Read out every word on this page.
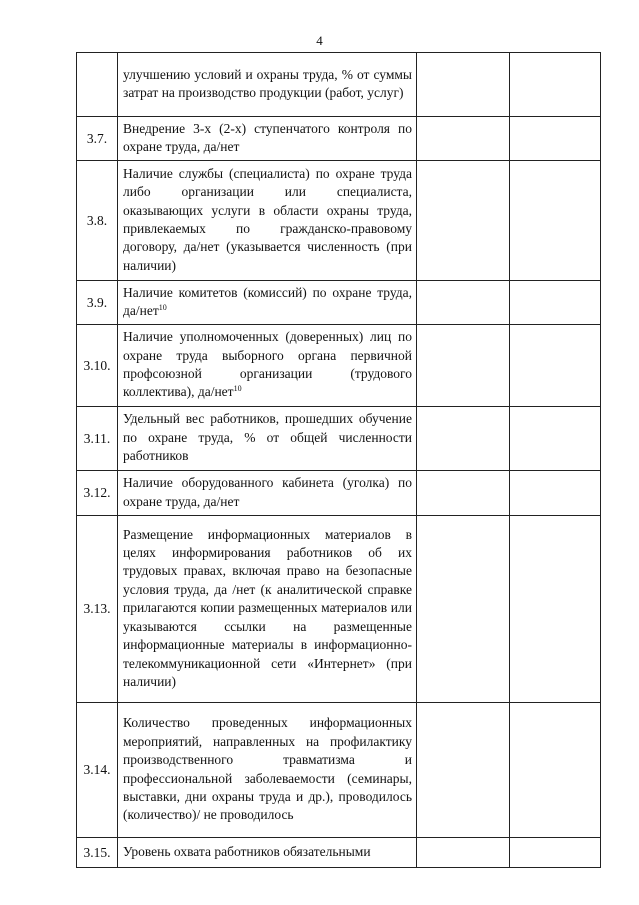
4
	улучшению условий и охраны труда, % от суммы затрат на производство продукции (работ, услуг)		
3.7.	Внедрение 3-х (2-х) ступенчатого контроля по охране труда, да/нет		
3.8.	Наличие службы (специалиста) по охране труда либо организации или специалиста, оказывающих услуги в области охраны труда, привлекаемых по гражданско-правовому договору, да/нет (указывается численность (при наличии)		
3.9.	Наличие комитетов (комиссий) по охране труда, да/нет$^{10}$		
3.10.	Наличие уполномоченных (доверенных) лиц по охране труда выборного органа первичной профсоюзной организации (трудового коллектива), да/нет$^{10}$		
3.11.	Удельный вес работников, прошедших обучение по охране труда, % от общей численности работников		
3.12.	Наличие оборудованного кабинета (уголка) по охране труда, да/нет		
3.13.	Размещение информационных материалов в целях информирования работников об их трудовых правах, включая право на безопасные условия труда, да /нет (к аналитической справке прилагаются копии размещенных материалов или указываются ссылки на размещенные информационные материалы в информационно-телекоммуникационной сети «Интернет» (при наличии)		
3.14.	Количество проведенных информационных мероприятий, направленных на профилактику производственного травматизма и профессиональной заболеваемости (семинары, выставки, дни охраны труда и др.), проводилось (количество)/ не проводилось		
3.15.	Уровень охвата работников обязательными		
